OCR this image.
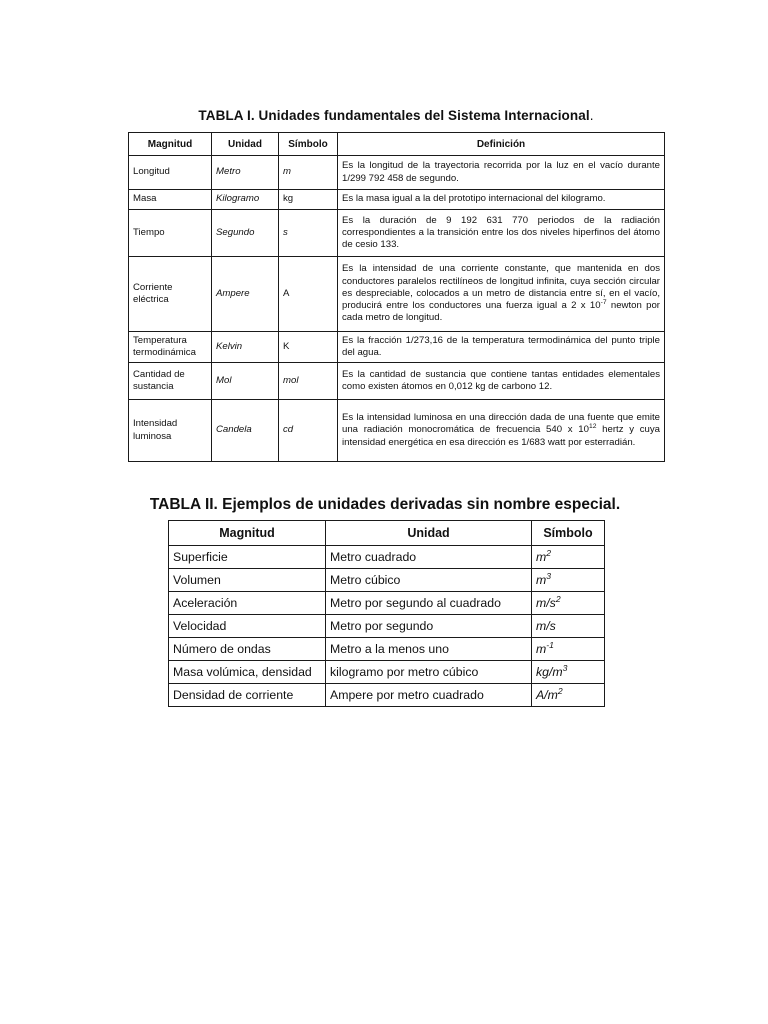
TABLA I. Unidades fundamentales del Sistema Internacional.
Magnitud	Unidad	Símbolo	Definición
Longitud	Metro	m	Es la longitud de la trayectoria recorrida por la luz en el vacío durante 1/299 792 458 de segundo.
Masa	Kilogramo	kg	Es la masa igual a la del prototipo internacional del kilogramo.
Tiempo	Segundo	s	Es la duración de 9 192 631 770 periodos de la radiación correspondientes a la transición entre los dos niveles hiperfinos del átomo de cesio 133.
Corriente eléctrica	Ampere	A	Es la intensidad de una corriente constante, que mantenida en dos conductores paralelos rectilíneos de longitud infinita, cuya sección circular es despreciable, colocados a un metro de distancia entre sí, en el vacío, producirá entre los conductores una fuerza igual a 2 x $10^{-7}$ newton por cada metro de longitud.
Temperatura termodinámica	Kelvin	K	Es la fracción 1/273,16 de la temperatura termodinámica del punto triple del agua.
Cantidad de sustancia	Mol	mol	Es la cantidad de sustancia que contiene tantas entidades elementales como existen átomos en 0,012 kg de carbono 12.
Intensidad luminosa	Candela	cd	Es la intensidad luminosa en una dirección dada de una fuente que emite una radiación monocromática de frecuencia 540 x $10^{12}$ hertz y cuya intensidad energética en esa dirección es 1/683 watt por esterradián.
TABLA II. Ejemplos de unidades derivadas sin nombre especial.
Magnitud	Unidad	Símbolo
Superficie	Metro cuadrado	$m^2$
Volumen	Metro cúbico	$m^3$
Aceleración	Metro por segundo al cuadrado	$m/s^2$
Velocidad	Metro por segundo	m/s
Número de ondas	Metro a la menos uno	$m^{-1}$
Masa volúmica, densidad	kilogramo por metro cúbico	$kg/m^3$
Densidad de corriente	Ampere por metro cuadrado	$A/m^2$
